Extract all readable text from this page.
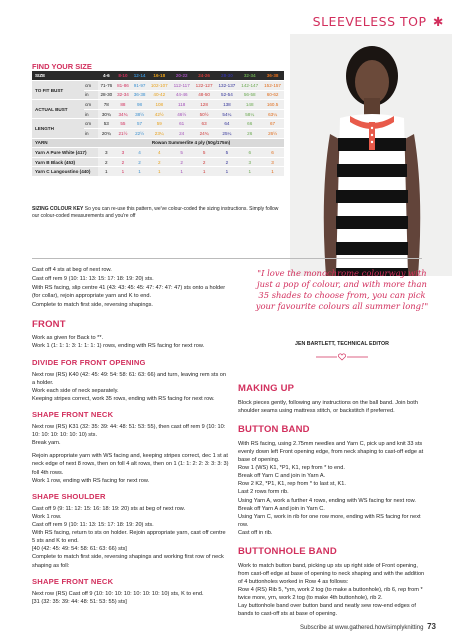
SLEEVELESS TOP ✱
FIND YOUR SIZE
SIZE		4-6	8-10	12-14	16-18	20-22	24-26	28-30	32-34	36-38
TO FIT BUST	cm	71-76	81-86	91-97	102-107	112-117	122-127	132-137	142-147	152-157
	in	28-30	32-34	36-38	40-42	44-46	48-50	52-54	56-58	60-62
ACTUAL BUST	cm	78	88	98	108	118	128	138	148	160.5
	in	30¾	34¾	38½	42½	46½	50½	54¼	58¼	63¼
LENGTH	cm	53	55	57	59	61	63	64	66	67
	in	20¾	21½	22½	23¼	24	24¾	25¼	26	26½
YARN		Rowan Summerlite 4 ply (50g/175m)								
Yarn A Pure White (417)		3	3	4	4	5	5	5	6	6
Yarn B Black (453)		2	2	2	2	2	2	2	3	3
Yarn C Langoustino (440)		1	1	1	1	1	1	1	1	1
SIZING COLOUR KEY So you can re-use this pattern, we've colour-coded the sizing instructions. Simply follow our colour-coded measurements and you're off

Cast off 4 sts at beg of next row.

Cast off rem 9 (10: 11: 13: 15: 17: 18: 19: 20) sts.

With RS facing, slip centre 41 (43: 43: 45: 45: 47: 47: 47: 47) sts onto a holder (for collar), rejoin appropriate yarn and K to end.

Complete to match first side, reversing shapings.

FRONT

Work as given for Back to **.

Work 1 (1: 1: 1: 3: 1: 1: 1: 1) rows, ending with RS facing for next row.

DIVIDE FOR FRONT OPENING

Next row (RS) K40 (42: 45: 49: 54: 58: 61: 63: 66) and turn, leaving rem sts on a holder.

Work each side of neck separately.

Keeping stripes correct, work 35 rows, ending with RS facing for next row.

SHAPE FRONT NECK

Next row (RS) K31 (32: 35: 39: 44: 48: 51: 53: 55), then cast off rem 9 (10: 10: 10: 10: 10: 10: 10: 10) sts.

Break yarn.

Rejoin appropriate yarn with WS facing and, keeping stripes correct, dec 1 st at neck edge of next 8 rows, then on foll 4 alt rows, then on 1 (1: 1: 2: 2: 3: 3: 3: 3) foll 4th rows.

Work 1 row, ending with RS facing for next row.

SHAPE SHOULDER

Cast off 9 (9: 11: 12: 15: 16: 18: 19: 20) sts at beg of next row.

Work 1 row.

Cast off rem 9 (10: 11: 13: 15: 17: 18: 19: 20) sts.

With RS facing, return to sts on holder. Rejoin appropriate yarn, cast off centre 5 sts and K to end.

[40 (42: 45: 49: 54: 58: 61: 63: 66) sts]

Complete to match first side, reversing shapings and working first row of neck shaping as foll:

SHAPE FRONT NECK

Next row (RS) Cast off 9 (10: 10: 10: 10: 10: 10: 10: 10) sts, K to end.

[31 (32: 35: 39: 44: 48: 51: 53: 55) sts]

"I love the monochrome colourway with just a pop of colour, and with more than 35 shades to choose from, you can pick your favourite colours all summer long!"
JEN BARTLETT, TECHNICAL EDITOR
MAKING UP

Block pieces gently, following any instructions on the ball band. Join both shoulder seams using mattress stitch, or backstitch if preferred.

BUTTON BAND

With RS facing, using 2.75mm needles and Yarn C, pick up and knit 33 sts evenly down left Front opening edge, from neck shaping to cast-off edge at base of opening.

Row 1 (WS) K1, *P1, K1, rep from * to end.

Break off Yarn C and join in Yarn A.

Row 2 K2, *P1, K1, rep from * to last st, K1.

Last 2 rows form rib.

Using Yarn A, work a further 4 rows, ending with WS facing for next row.

Break off Yarn A and join in Yarn C.

Using Yarn C, work in rib for one row more, ending with RS facing for next row.

Cast off in rib.

BUTTONHOLE BAND

Work to match button band, picking up sts up right side of Front opening, from cast-off edge at base of opening to neck shaping and with the addition of 4 buttonholes worked in Row 4 as follows:

Row 4 (RS) Rib 5, *yrn, work 2 tog (to make a buttonhole), rib 6, rep from * twice more, yrn, work 2 tog (to make 4th buttonhole), rib 2.

Lay buttonhole band over button band and neatly sew row-end edges of bands to cast-off sts at base of opening.

Subscribe at www.gathered.how/simplyknitting 73
